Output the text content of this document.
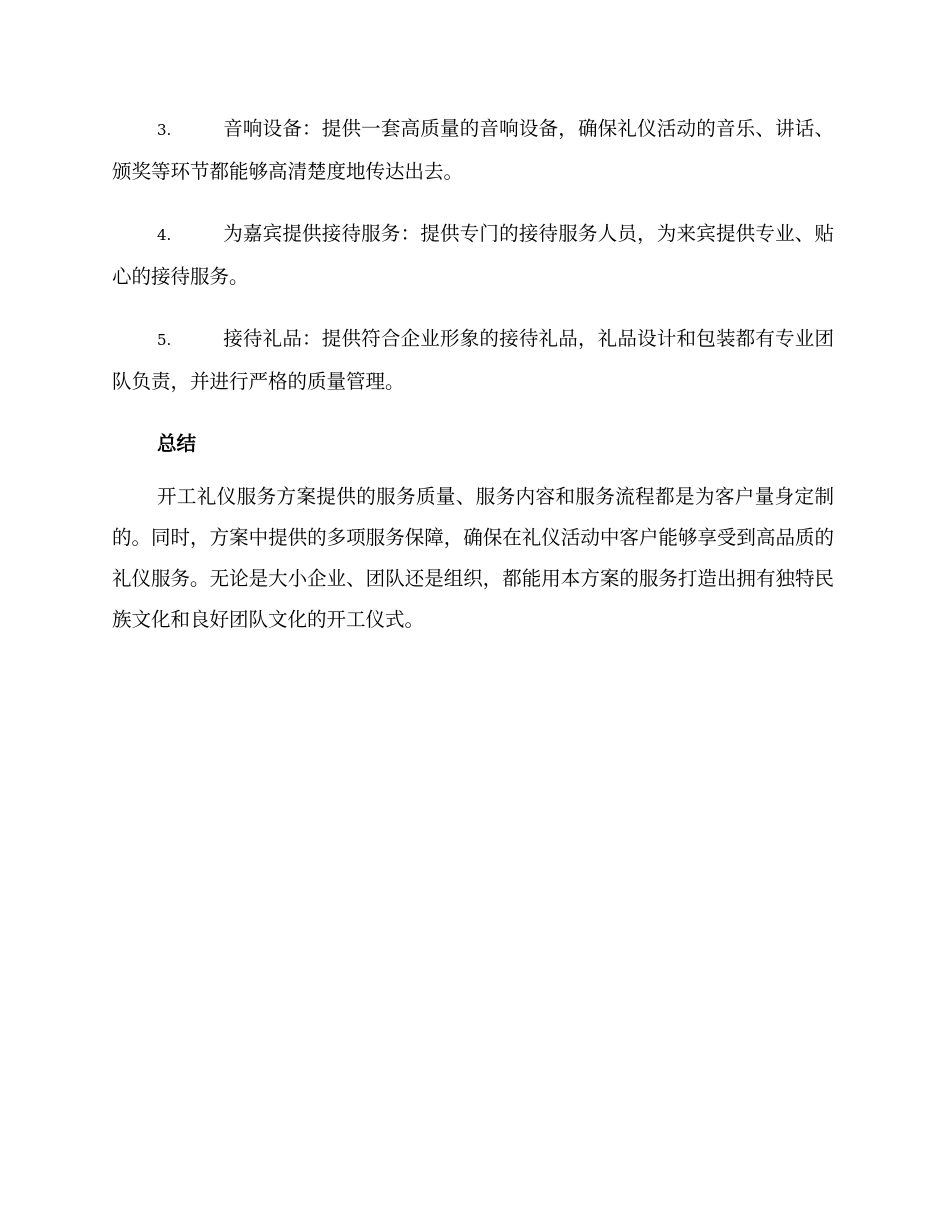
3.	音响设备：提供一套高质量的音响设备，确保礼仪活动的音乐、讲话、颁奖等环节都能够高清楚度地传达出去。

4.	为嘉宾提供接待服务：提供专门的接待服务人员，为来宾提供专业、贴心的接待服务。

5.	接待礼品：提供符合企业形象的接待礼品，礼品设计和包装都有专业团队负责，并进行严格的质量管理。

总结

开工礼仪服务方案提供的服务质量、服务内容和服务流程都是为客户量身定制的。同时，方案中提供的多项服务保障，确保在礼仪活动中客户能够享受到高品质的礼仪服务。无论是大小企业、团队还是组织，都能用本方案的服务打造出拥有独特民族文化和良好团队文化的开工仪式。
